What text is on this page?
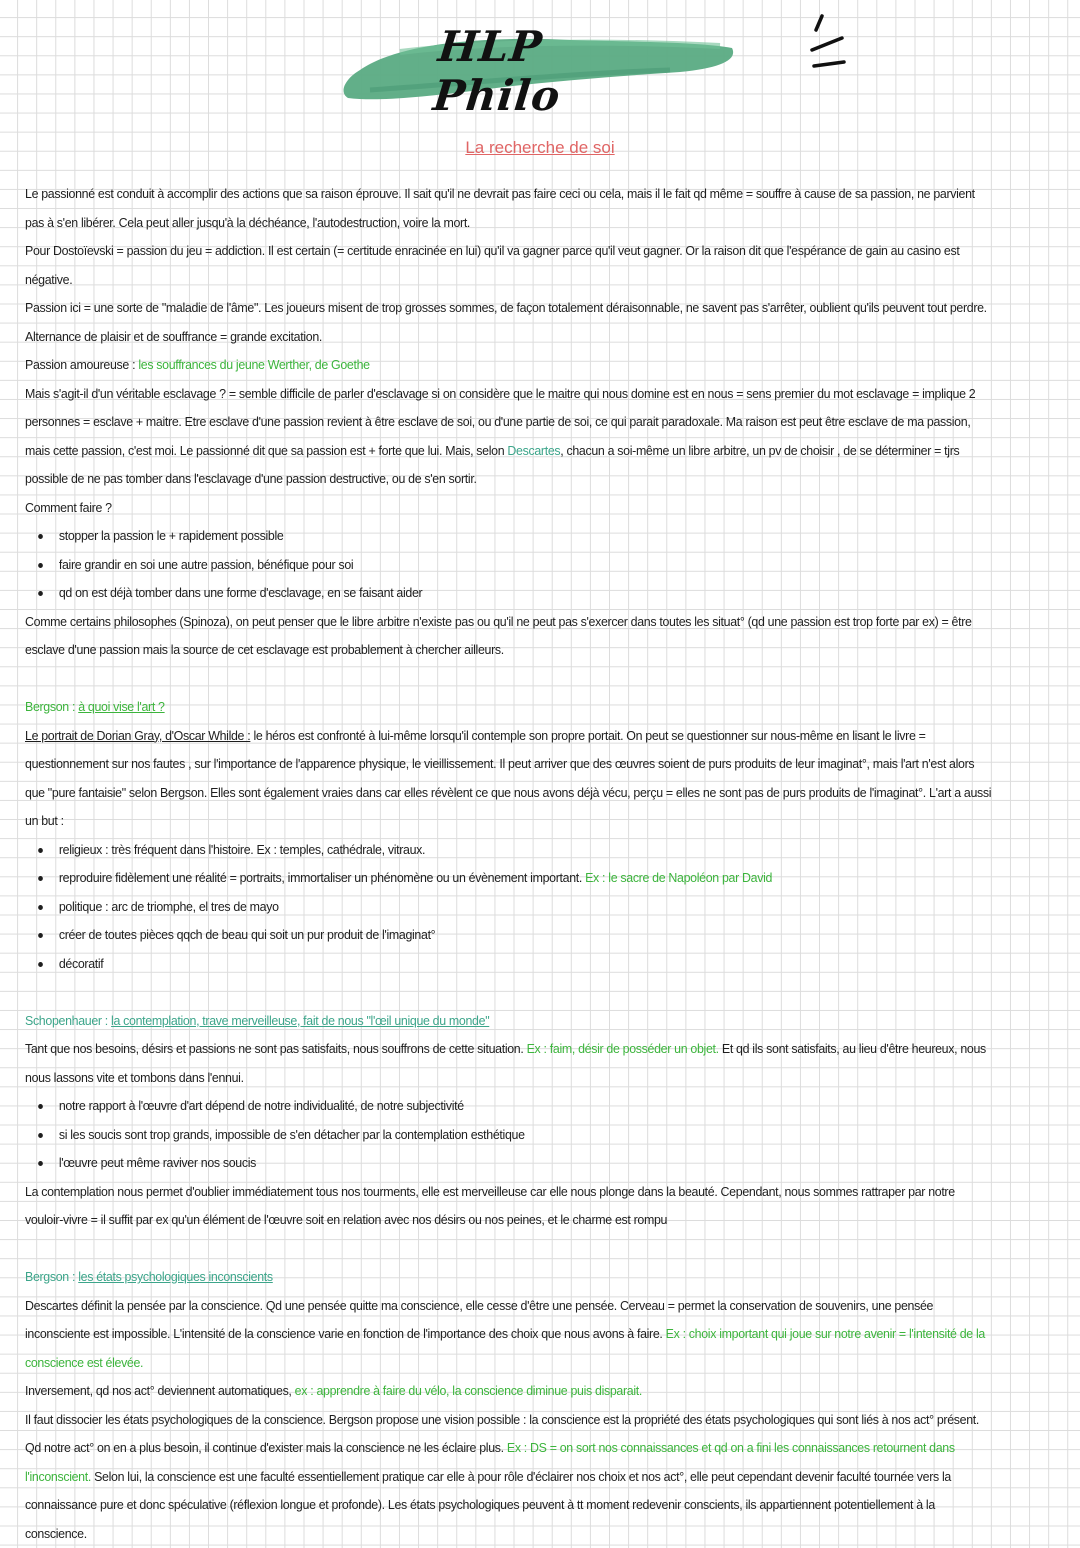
HLP Philo
La recherche de soi

Le passionné est conduit à accomplir des actions que sa raison éprouve. Il sait qu'il ne devrait pas faire ceci ou cela, mais il le fait qd même = souffre à cause de sa passion, ne parvient pas à s'en libérer. Cela peut aller jusqu'à la déchéance, l'autodestruction, voire la mort.

Pour Dostoïevski = passion du jeu = addiction. Il est certain (= certitude enracinée en lui) qu'il va gagner parce qu'il veut gagner. Or la raison dit que l'espérance de gain au casino est négative.

Passion ici = une sorte de "maladie de l'âme". Les joueurs misent de trop grosses sommes, de façon totalement déraisonnable, ne savent pas s'arrêter, oublient qu'ils peuvent tout perdre.

Alternance de plaisir et de souffrance = grande excitation.

Passion amoureuse : les souffrances du jeune Werther, de Goethe

Mais s'agit-il d'un véritable esclavage ? = semble difficile de parler d'esclavage si on considère que le maitre qui nous domine est en nous = sens premier du mot esclavage = implique 2 personnes = esclave + maitre. Etre esclave d'une passion revient à être esclave de soi, ou d'une partie de soi, ce qui parait paradoxale. Ma raison est peut être esclave de ma passion, mais cette passion, c'est moi. Le passionné dit que sa passion est + forte que lui. Mais, selon Descartes, chacun a soi-même un libre arbitre, un pv de choisir , de se déterminer = tjrs possible de ne pas tomber dans l'esclavage d'une passion destructive, ou de s'en sortir.

Comment faire ?

stopper la passion le + rapidement possible
faire grandir en soi une autre passion, bénéfique pour soi
qd on est déjà tomber dans une forme d'esclavage, en se faisant aider

Comme certains philosophes (Spinoza), on peut penser que le libre arbitre n'existe pas ou qu'il ne peut pas s'exercer dans toutes les situat° (qd une passion est trop forte par ex) = être esclave d'une passion mais la source de cet esclavage est probablement à chercher ailleurs.

Bergson : à quoi vise l'art ?

Le portrait de Dorian Gray, d'Oscar Whilde : le héros est confronté à lui-même lorsqu'il contemple son propre portait. On peut se questionner sur nous-même en lisant le livre = questionnement sur nos fautes , sur l'importance de l'apparence physique, le vieillissement. Il peut arriver que des œuvres soient de purs produits de leur imaginat°, mais l'art n'est alors que "pure fantaisie" selon Bergson. Elles sont également vraies dans car elles révèlent ce que nous avons déjà vécu, perçu = elles ne sont pas de purs produits de l'imaginat°. L'art a aussi un but :

religieux : très fréquent dans l'histoire. Ex : temples, cathédrale, vitraux.
reproduire fidèlement une réalité = portraits, immortaliser un phénomène ou un évènement important. Ex : le sacre de Napoléon par David
politique : arc de triomphe, el tres de mayo
créer de toutes pièces qqch de beau qui soit un pur produit de l'imaginat°
décoratif

Schopenhauer : la contemplation, trave merveilleuse, fait de nous "l'œil unique du monde"

Tant que nos besoins, désirs et passions ne sont pas satisfaits, nous souffrons de cette situation. Ex : faim, désir de posséder un objet. Et qd ils sont satisfaits, au lieu d'être heureux, nous nous lassons vite et tombons dans l'ennui.

notre rapport à l'œuvre d'art dépend de notre individualité, de notre subjectivité
si les soucis sont trop grands, impossible de s'en détacher par la contemplation esthétique
l'œuvre peut même raviver nos soucis

La contemplation nous permet d'oublier immédiatement tous nos tourments, elle est merveilleuse car elle nous plonge dans la beauté. Cependant, nous sommes rattraper par notre vouloir-vivre = il suffit par ex qu'un élément de l'œuvre soit en relation avec nos désirs ou nos peines, et le charme est rompu

Bergson : les états psychologiques inconscients

Descartes définit la pensée par la conscience. Qd une pensée quitte ma conscience, elle cesse d'être une pensée. Cerveau = permet la conservation de souvenirs, une pensée inconsciente est impossible. L'intensité de la conscience varie en fonction de l'importance des choix que nous avons à faire. Ex : choix important qui joue sur notre avenir = l'intensité de la conscience est élevée.

Inversement, qd nos act° deviennent automatiques, ex : apprendre à faire du vélo, la conscience diminue puis disparait.

Il faut dissocier les états psychologiques de la conscience. Bergson propose une vision possible : la conscience est la propriété des états psychologiques qui sont liés à nos act° présent. Qd notre act° on en a plus besoin, il continue d'exister mais la conscience ne les éclaire plus. Ex : DS = on sort nos connaissances et qd on a fini les connaissances retournent dans l'inconscient. Selon lui, la conscience est une faculté essentiellement pratique car elle à pour rôle d'éclairer nos choix et nos act°, elle peut cependant devenir faculté tournée vers la connaissance pure et donc spéculative (réflexion longue et profonde). Les états psychologiques peuvent à tt moment redevenir conscients, ils appartiennent potentiellement à la conscience.
